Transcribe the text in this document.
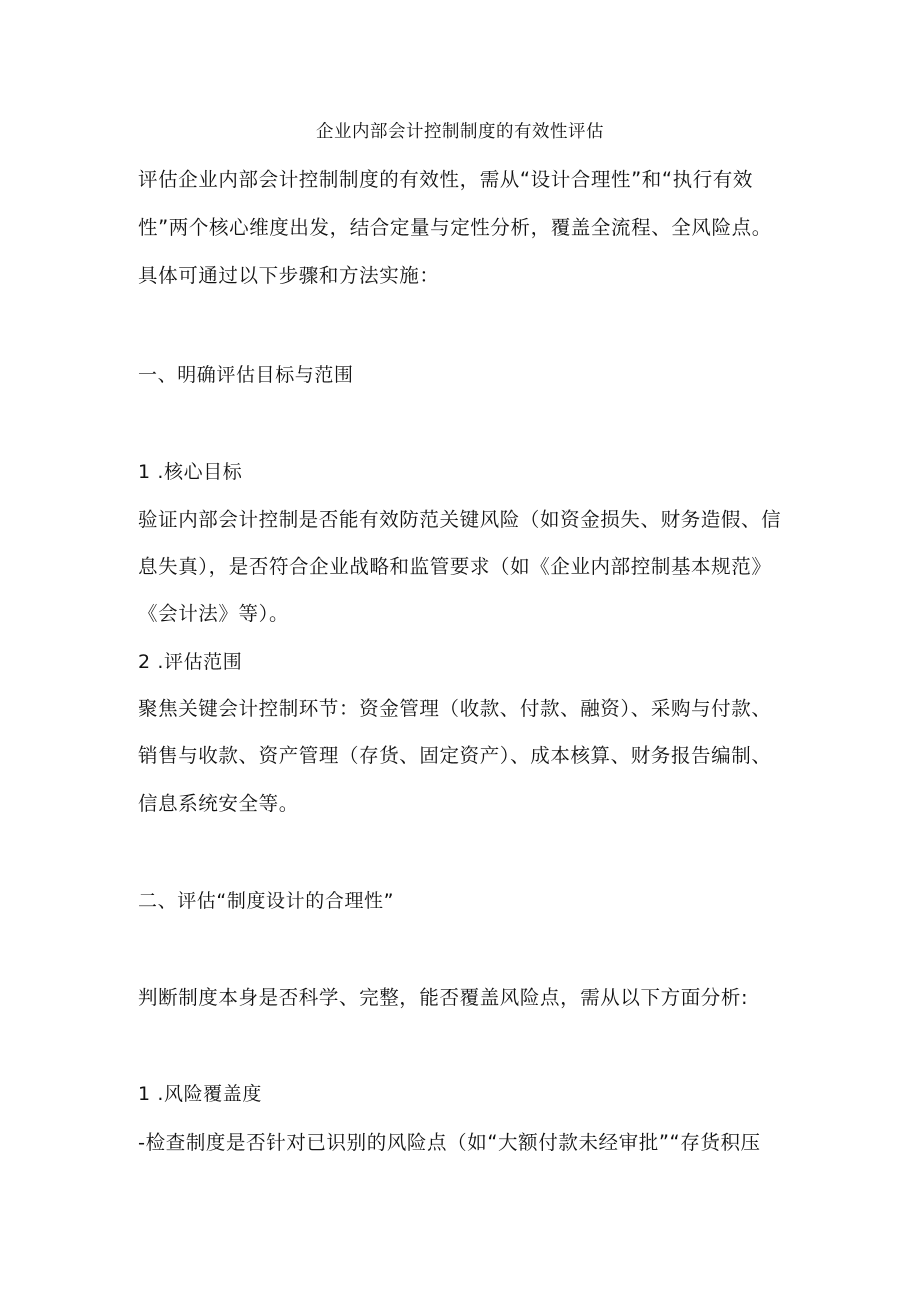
企业内部会计控制制度的有效性评估
评估企业内部会计控制制度的有效性，需从“设计合理性”和“执行有效
性”两个核心维度出发，结合定量与定性分析，覆盖全流程、全风险点。
具体可通过以下步骤和方法实施：
一、明确评估目标与范围
1 .核心目标
验证内部会计控制是否能有效防范关键风险（如资金损失、财务造假、信
息失真），是否符合企业战略和监管要求（如《企业内部控制基本规范》
《会计法》等）。
2 .评估范围
聚焦关键会计控制环节：资金管理（收款、付款、融资）、采购与付款、
销售与收款、资产管理（存货、固定资产）、成本核算、财务报告编制、
信息系统安全等。
二、评估“制度设计的合理性”
判断制度本身是否科学、完整，能否覆盖风险点，需从以下方面分析:
1 .风险覆盖度
-检查制度是否针对已识别的风险点（如“大额付款未经审批”“存货积压
